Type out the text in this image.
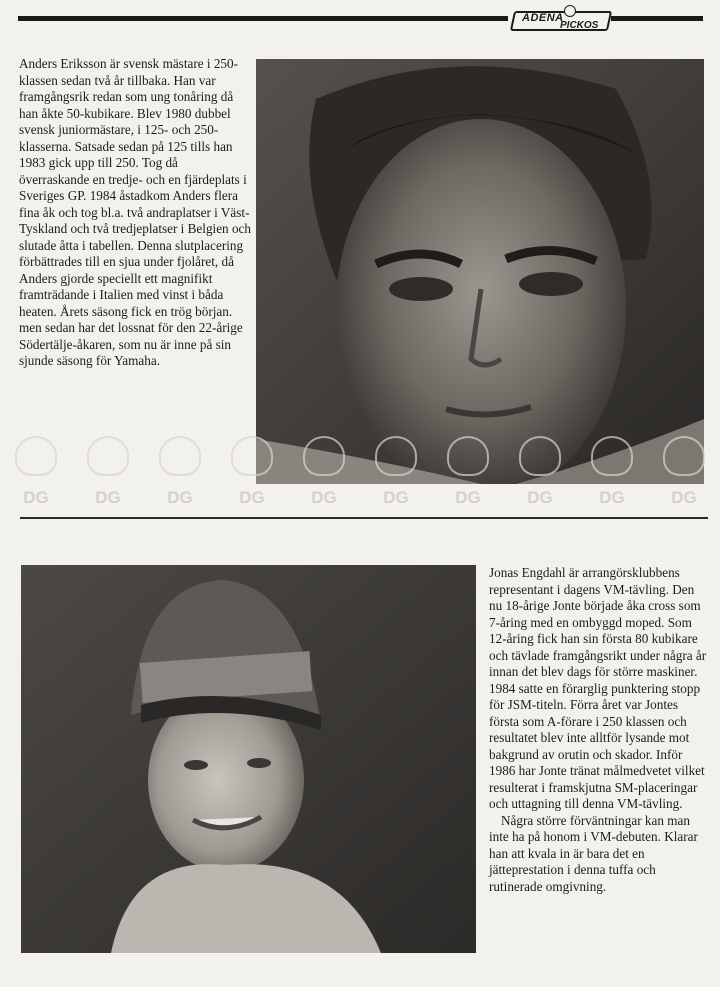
ADENA
PICKOS

Anders Eriksson är svensk mästare i 250-klassen sedan två år tillbaka. Han var framgångsrik redan som ung tonåring då han åkte 50-kubikare. Blev 1980 dubbel svensk juniormästare, i 125- och 250-klasserna. Satsade sedan på 125 tills han 1983 gick upp till 250. Tog då överraskande en tredje- och en fjärdeplats i Sveriges GP. 1984 åstadkom Anders flera fina åk och tog bl.a. två andraplatser i Väst-Tyskland och två tredjeplatser i Belgien och slutade åtta i tabellen. Denna slutplacering förbättrades till en sjua under fjolåret, då Anders gjorde speciellt ett magnifikt framträdande i Italien med vinst i båda heaten. Årets säsong fick en trög början. men sedan har det lossnat för den 22-årige Södertälje-åkaren, som nu är inne på sin sjunde säsong för Yamaha.

DG	DG	DG	DG	DG	DG	DG	DG	DG	DG

Jonas Engdahl är arrangörsklubbens representant i dagens VM-tävling. Den nu 18-årige Jonte började åka cross som 7-åring med en ombyggd moped. Som 12-åring fick han sin första 80 kubikare och tävlade framgångsrikt under några år innan det blev dags för större maskiner. 1984 satte en förarglig punktering stopp för JSM-titeln. Förra året var Jontes första som A-förare i 250 klassen och resultatet blev inte alltför lysande mot bakgrund av orutin och skador. Inför 1986 har Jonte tränat målmedvetet vilket resulterat i framskjutna SM-placeringar och uttagning till denna VM-tävling.

Några större förväntningar kan man inte ha på honom i VM-debuten. Klarar han att kvala in är bara det en jätteprestation i denna tuffa och rutinerade omgivning.
